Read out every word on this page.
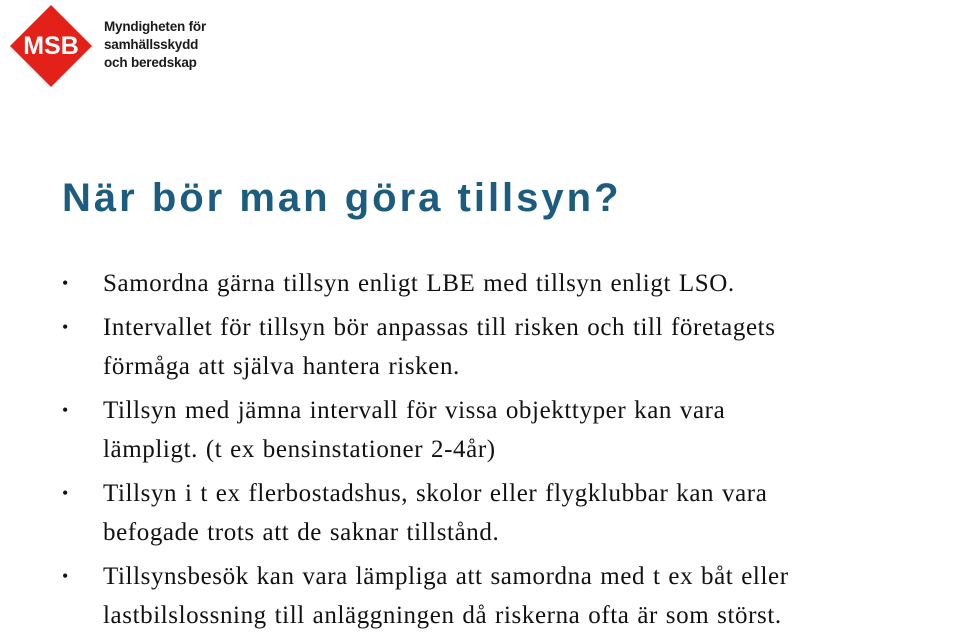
MSB
Myndigheten för
samhällsskydd
och beredskap
När bör man göra tillsyn?
• Samordna gärna tillsyn enligt LBE med tillsyn enligt LSO.
• Intervallet för tillsyn bör anpassas till risken och till företagets
förmåga att själva hantera risken.
• Tillsyn med jämna intervall för vissa objekttyper kan vara
lämpligt. (t ex bensinstationer 2-4år)
• Tillsyn i t ex flerbostadshus, skolor eller flygklubbar kan vara
befogade trots att de saknar tillstånd.
• Tillsynsbesök kan vara lämpliga att samordna med t ex båt eller
lastbilslossning till anläggningen då riskerna ofta är som störst.
